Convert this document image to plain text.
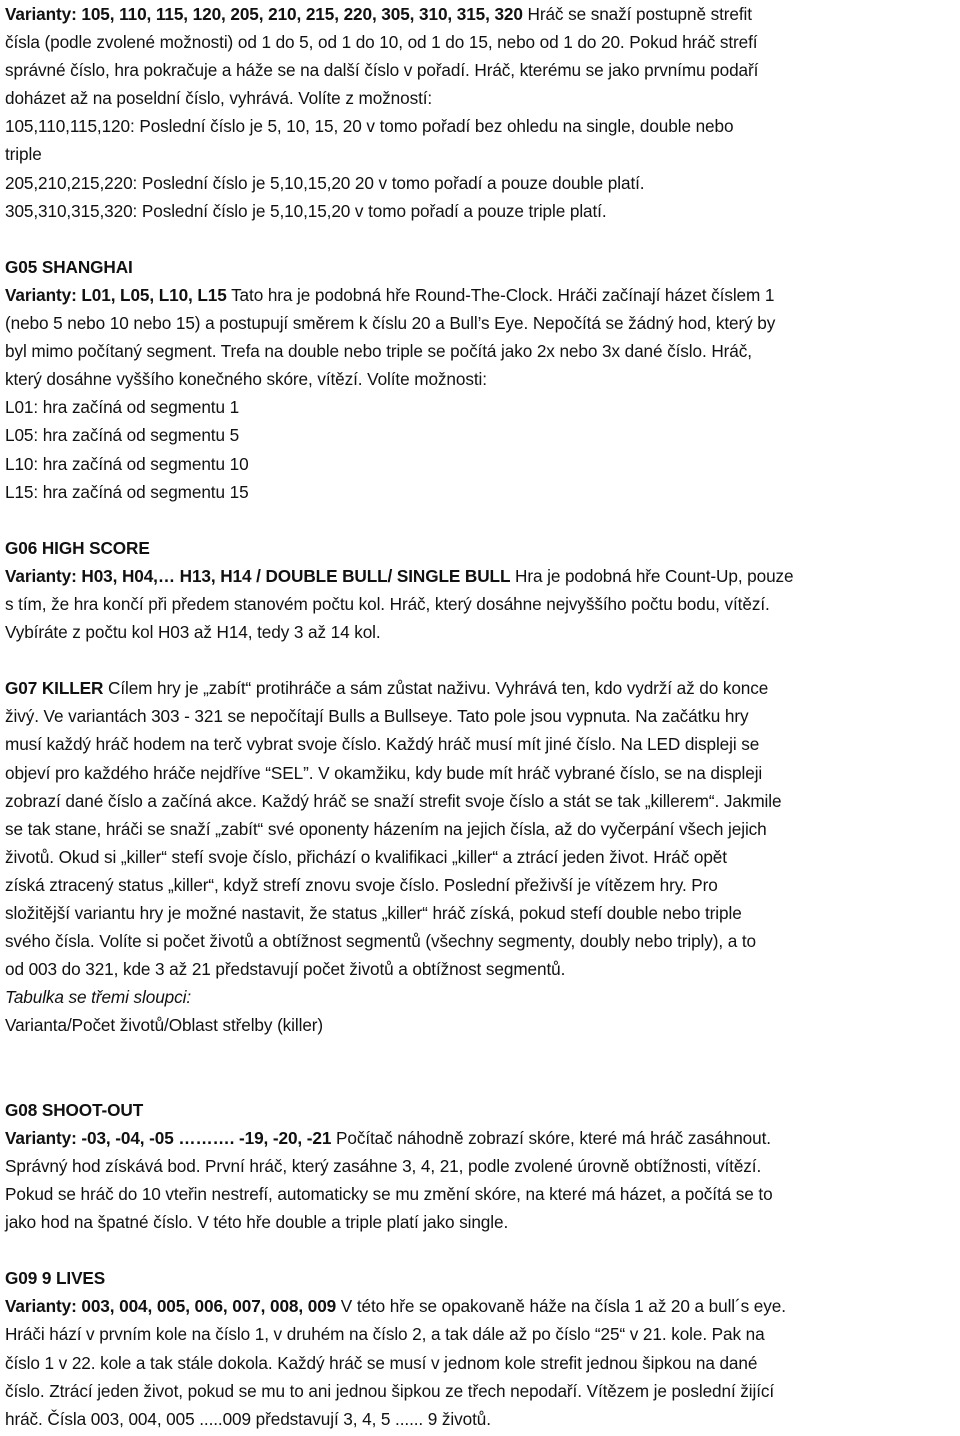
Varianty: 105, 110, 115, 120, 205, 210, 215, 220, 305, 310, 315, 320 Hráč se snaží postupně strefit
čísla (podle zvolené možnosti) od 1 do 5, od 1 do 10, od 1 do 15, nebo od 1 do 20. Pokud hráč strefí
správné číslo, hra pokračuje a háže se na další číslo v pořadí. Hráč, kterému se jako prvnímu podaří
doházet až na poseldní číslo, vyhrává. Volíte z možností:
105,110,115,120: Poslední číslo je 5, 10, 15, 20 v tomo pořadí bez ohledu na single, double nebo
triple
205,210,215,220: Poslední číslo je 5,10,15,20 20 v tomo pořadí a pouze double platí.
305,310,315,320: Poslední číslo je 5,10,15,20 v tomo pořadí a pouze triple platí.
G05 SHANGHAI
Varianty: L01, L05, L10, L15 Tato hra je podobná hře Round-The-Clock. Hráči začínají házet číslem 1
(nebo 5 nebo 10 nebo 15) a postupují směrem k číslu 20 a Bull’s Eye. Nepočítá se žádný hod, který by
byl mimo počítaný segment. Trefa na double nebo triple se počítá jako 2x nebo 3x dané číslo. Hráč,
který dosáhne vyššího konečného skóre, vítězí. Volíte možnosti:
L01: hra začíná od segmentu 1
L05: hra začíná od segmentu 5
L10: hra začíná od segmentu 10
L15: hra začíná od segmentu 15
G06 HIGH SCORE
Varianty: H03, H04,… H13, H14 / DOUBLE BULL/ SINGLE BULL Hra je podobná hře Count-Up, pouze
s tím, že hra končí při předem stanovém počtu kol. Hráč, který dosáhne nejvyššího počtu bodu, vítězí.
Vybíráte z počtu kol H03 až H14, tedy 3 až 14 kol.
G07 KILLER Cílem hry je „zabít“ protihráče a sám zůstat naživu. Vyhrává ten, kdo vydrží až do konce
živý. Ve variantách 303 - 321 se nepočítají Bulls a Bullseye. Tato pole jsou vypnuta. Na začátku hry
musí každý hráč hodem na terč vybrat svoje číslo. Každý hráč musí mít jiné číslo. Na LED displeji se
objeví pro každého hráče nejdříve “SEL”. V okamžiku, kdy bude mít hráč vybrané číslo, se na displeji
zobrazí dané číslo a začíná akce. Každý hráč se snaží strefit svoje číslo a stát se tak „killerem“. Jakmile
se tak stane, hráči se snaží „zabít“ své oponenty házením na jejich čísla, až do vyčerpání všech jejich
životů. Okud si „killer“ stefí svoje číslo, přichází o kvalifikaci „killer“ a ztrácí jeden život. Hráč opět
získá ztracený status „killer“, když strefí znovu svoje číslo. Poslední přeživší je vítězem hry. Pro
složitější variantu hry je možné nastavit, že status „killer“ hráč získá, pokud stefí double nebo triple
svého čísla. Volíte si počet životů a obtížnost segmentů (všechny segmenty, doubly nebo triply), a to
od 003 do 321, kde 3 až 21 představují počet životů a obtížnost segmentů.
Tabulka se třemi sloupci:
Varianta/Počet životů/Oblast střelby (killer)
G08 SHOOT-OUT
Varianty: -03, -04, -05 ………. -19, -20, -21 Počítač náhodně zobrazí skóre, které má hráč zasáhnout.
Správný hod získává bod. První hráč, který zasáhne 3, 4, 21, podle zvolené úrovně obtížnosti, vítězí.
Pokud se hráč do 10 vteřin nestrefí, automaticky se mu změní skóre, na které má házet, a počítá se to
jako hod na špatné číslo. V této hře double a triple platí jako single.
G09 9 LIVES
Varianty: 003, 004, 005, 006, 007, 008, 009 V této hře se opakovaně háže na čísla 1 až 20 a bull´s eye.
Hráči hází v prvním kole na číslo 1, v druhém na číslo 2, a tak dále až po číslo “25“ v 21. kole. Pak na
číslo 1 v 22. kole a tak stále dokola. Každý hráč se musí v jednom kole strefit jednou šipkou na dané
číslo. Ztrácí jeden život, pokud se mu to ani jednou šipkou ze třech nepodaří. Vítězem je poslední žijící
hráč. Čísla 003, 004, 005 .....009 představují 3, 4, 5 ...... 9 životů.
